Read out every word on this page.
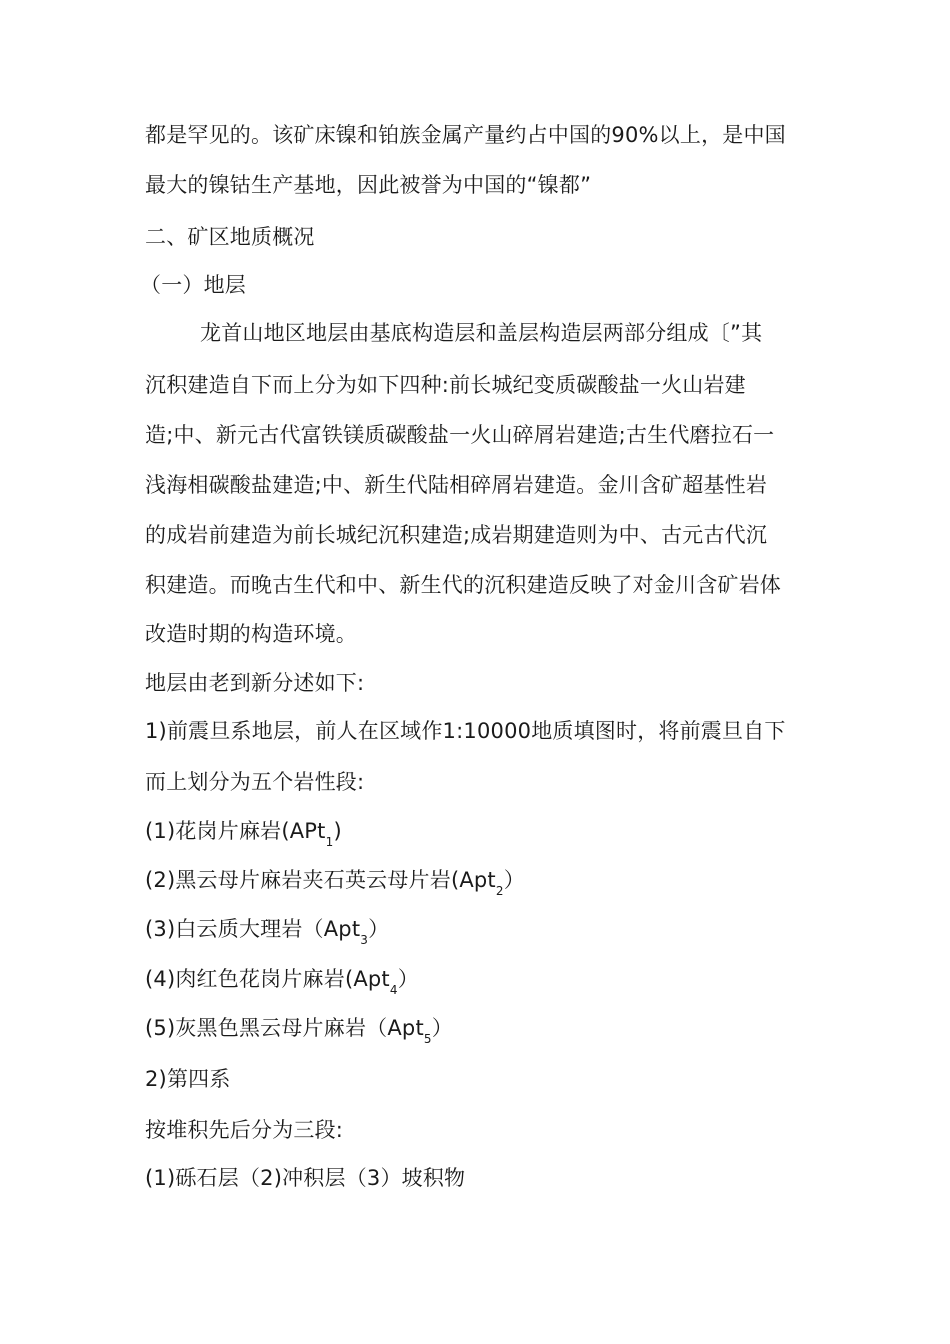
都是罕见的。该矿床镍和铂族金属产量约占中国的90%以上，是中国
最大的镍钴生产基地，因此被誉为中国的“镍都”
二、矿区地质概况
（一）地层
龙首山地区地层由基底构造层和盖层构造层两部分组成〔”其
沉积建造自下而上分为如下四种:前长城纪变质碳酸盐一火山岩建
造;中、新元古代富铁镁质碳酸盐一火山碎屑岩建造;古生代磨拉石一
浅海相碳酸盐建造;中、新生代陆相碎屑岩建造。金川含矿超基性岩
的成岩前建造为前长城纪沉积建造;成岩期建造则为中、古元古代沉
积建造。而晚古生代和中、新生代的沉积建造反映了对金川含矿岩体
改造时期的构造环境。
地层由老到新分述如下:
1)前震旦系地层，前人在区域作1:10000地质填图时，将前震旦自下
而上划分为五个岩性段:
(1)花岗片麻岩(APt$_1$)
(2)黑云母片麻岩夹石英云母片岩(Apt$_2$）
(3)白云质大理岩（Apt$_3$）
(4)肉红色花岗片麻岩(Apt$_4$）
(5)灰黑色黑云母片麻岩（Apt$_5$）
2)第四系
按堆积先后分为三段:
(1)砾石层（2)冲积层（3）坡积物
